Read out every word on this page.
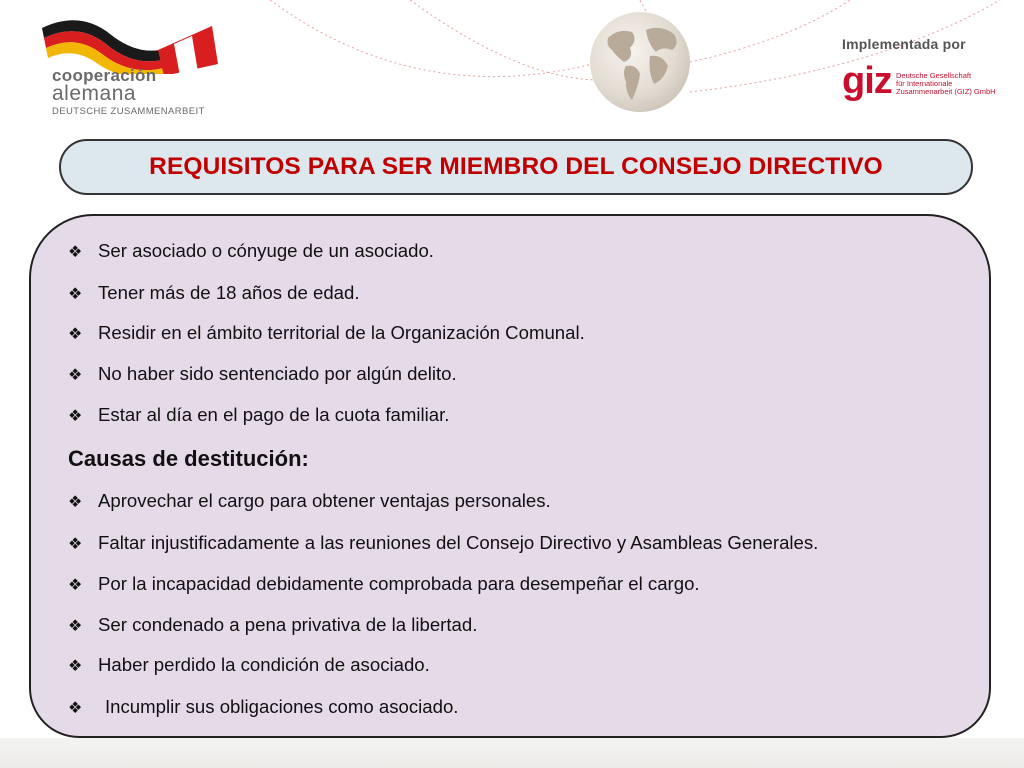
cooperación
alemana
DEUTSCHE ZUSAMMENARBEIT
Implementada por
giz Deutsche Gesellschaft
für Internationale
Zusammenarbeit (GIZ) GmbH
REQUISITOS PARA SER MIEMBRO DEL CONSEJO DIRECTIVO
❖ Ser asociado o cónyuge de un asociado.
❖ Tener más de 18 años de edad.
❖ Residir en el ámbito territorial de la Organización Comunal.
❖ No haber sido sentenciado por algún delito.
❖ Estar al día en el pago de la cuota familiar.
Causas de destitución:
❖ Aprovechar el cargo para obtener ventajas personales.
❖ Faltar injustificadamente a las reuniones del Consejo Directivo y Asambleas Generales.
❖ Por la incapacidad debidamente comprobada para desempeñar el cargo.
❖ Ser condenado a pena privativa de la libertad.
❖ Haber perdido la condición de asociado.
❖ Incumplir sus obligaciones como asociado.
